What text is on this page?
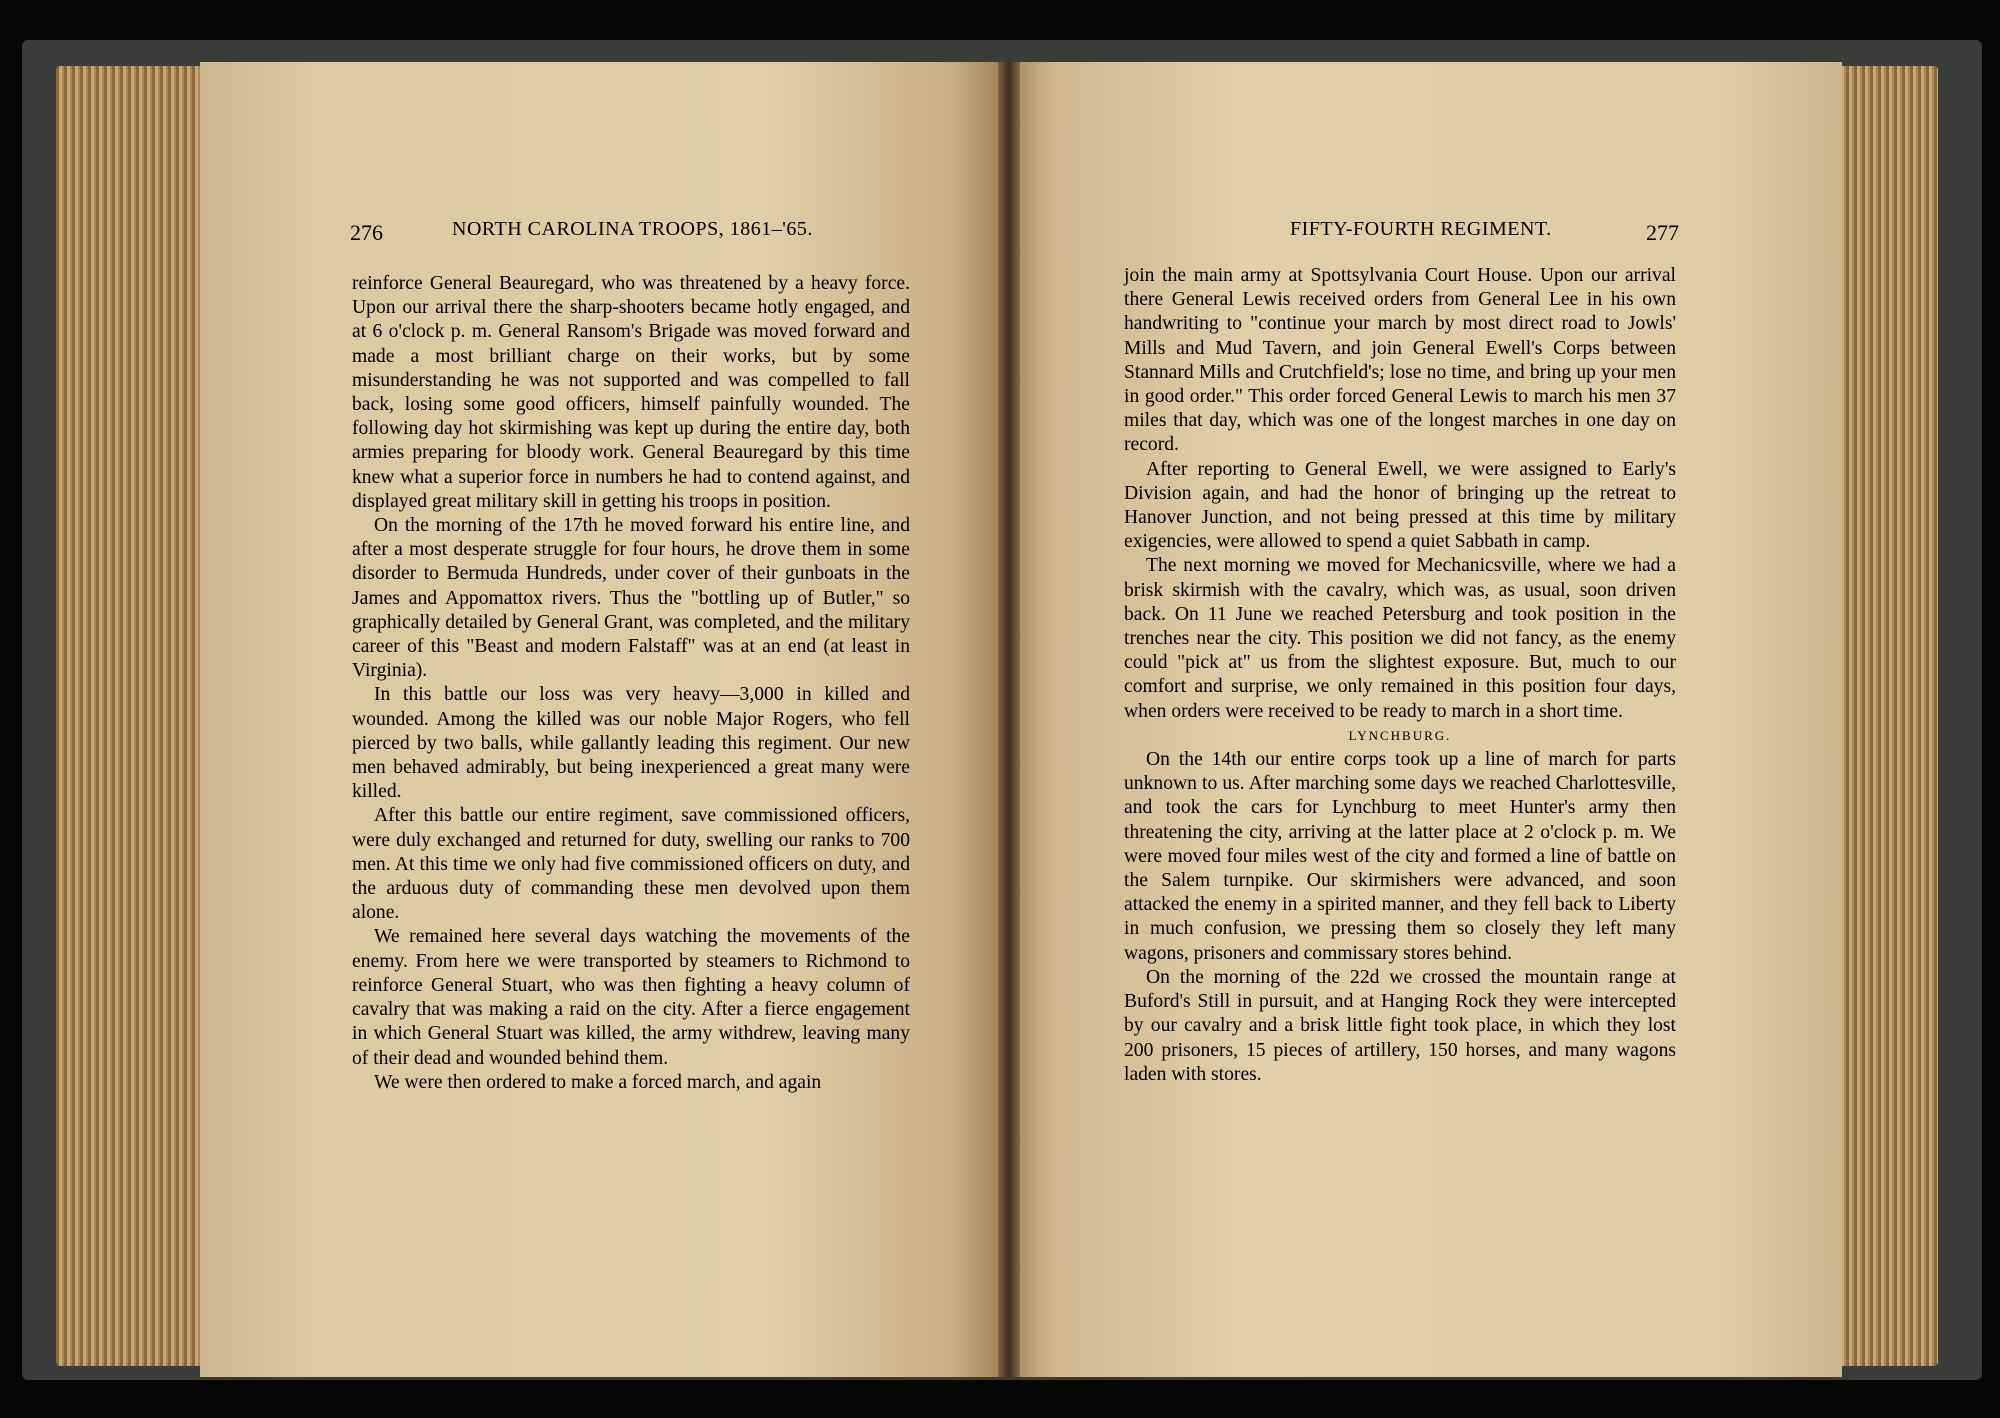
276	NORTH CAROLINA TROOPS, 1861–'65.	FIFTY-FOURTH REGIMENT.	277

reinforce General Beauregard, who was threatened by a heavy force. Upon our arrival there the sharp-shooters became hotly engaged, and at 6 o'clock p. m. General Ransom's Brigade was moved forward and made a most brilliant charge on their works, but by some misunderstanding he was not supported and was compelled to fall back, losing some good officers, himself painfully wounded. The following day hot skirmishing was kept up during the entire day, both armies preparing for bloody work. General Beauregard by this time knew what a superior force in numbers he had to contend against, and displayed great military skill in getting his troops in position.

On the morning of the 17th he moved forward his entire line, and after a most desperate struggle for four hours, he drove them in some disorder to Bermuda Hundreds, under cover of their gunboats in the James and Appomattox rivers. Thus the "bottling up of Butler," so graphically detailed by General Grant, was completed, and the military career of this "Beast and modern Falstaff" was at an end (at least in Virginia).

In this battle our loss was very heavy—3,000 in killed and wounded. Among the killed was our noble Major Rogers, who fell pierced by two balls, while gallantly leading this regiment. Our new men behaved admirably, but being inexperienced a great many were killed.

After this battle our entire regiment, save commissioned officers, were duly exchanged and returned for duty, swelling our ranks to 700 men. At this time we only had five commissioned officers on duty, and the arduous duty of commanding these men devolved upon them alone.

We remained here several days watching the movements of the enemy. From here we were transported by steamers to Richmond to reinforce General Stuart, who was then fighting a heavy column of cavalry that was making a raid on the city. After a fierce engagement in which General Stuart was killed, the army withdrew, leaving many of their dead and wounded behind them.

We were then ordered to make a forced march, and again

join the main army at Spottsylvania Court House. Upon our arrival there General Lewis received orders from General Lee in his own handwriting to "continue your march by most direct road to Jowls' Mills and Mud Tavern, and join General Ewell's Corps between Stannard Mills and Crutchfield's; lose no time, and bring up your men in good order." This order forced General Lewis to march his men 37 miles that day, which was one of the longest marches in one day on record.

After reporting to General Ewell, we were assigned to Early's Division again, and had the honor of bringing up the retreat to Hanover Junction, and not being pressed at this time by military exigencies, were allowed to spend a quiet Sabbath in camp.

The next morning we moved for Mechanicsville, where we had a brisk skirmish with the cavalry, which was, as usual, soon driven back. On 11 June we reached Petersburg and took position in the trenches near the city. This position we did not fancy, as the enemy could "pick at" us from the slightest exposure. But, much to our comfort and surprise, we only remained in this position four days, when orders were received to be ready to march in a short time.

LYNCHBURG.

On the 14th our entire corps took up a line of march for parts unknown to us. After marching some days we reached Charlottesville, and took the cars for Lynchburg to meet Hunter's army then threatening the city, arriving at the latter place at 2 o'clock p. m. We were moved four miles west of the city and formed a line of battle on the Salem turnpike. Our skirmishers were advanced, and soon attacked the enemy in a spirited manner, and they fell back to Liberty in much confusion, we pressing them so closely they left many wagons, prisoners and commissary stores behind.

On the morning of the 22d we crossed the mountain range at Buford's Still in pursuit, and at Hanging Rock they were intercepted by our cavalry and a brisk little fight took place, in which they lost 200 prisoners, 15 pieces of artillery, 150 horses, and many wagons laden with stores.
